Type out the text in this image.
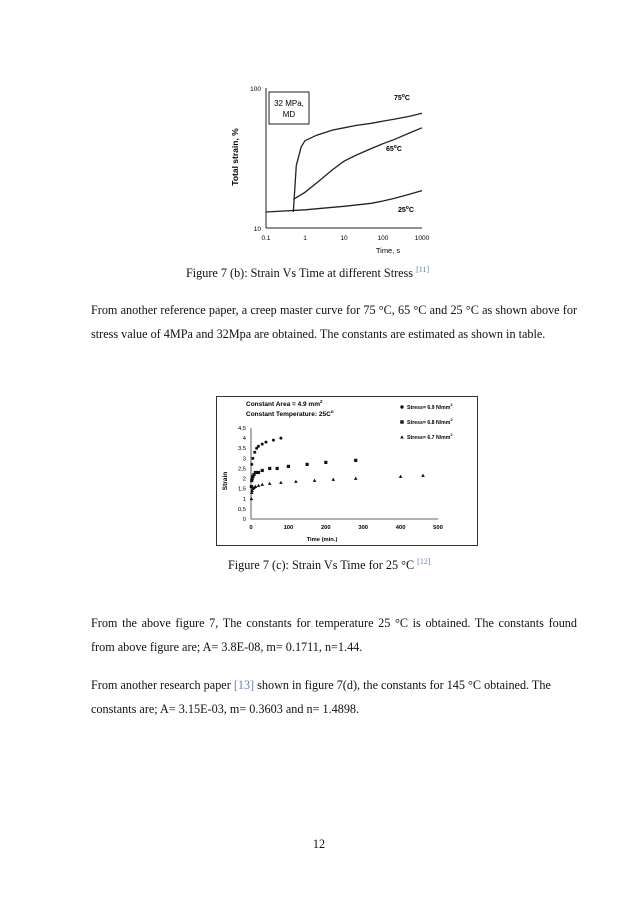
Total strain, %
100
10
0.1	1	10	100	1000
Time, s
32 MPa,
MD
75$^o$C
65$^o$C
25$^o$C
Figure 7 (b): Strain Vs Time at different Stress [11]
From another reference paper, a creep master curve for 75 °C, 65 °C and 25 °C as shown above for stress value of 4MPa and 32Mpa are obtained. The constants are estimated as shown in table.
Constant Area = 4.9 $mm^2$
Constant Temperature: $25C^o$
Stress= 6.9 $N/mm^2$
Stress= 6.8 $N/mm^2$
Stress= 6.7 $N/mm^2$
Strain
0
0,5
1
1,5
2
2,5
3
3,5
4
4,5
0	100	200	300	400	500
Time (min.)
Figure 7 (c): Strain Vs Time for 25 °C [12]
From the above figure 7, The constants for temperature 25 °C is obtained. The constants found from above figure are; A= 3.8E-08, m= 0.1711, n=1.44.
From another research paper [13] shown in figure 7(d), the constants for 145 °C obtained. The constants are; A= 3.15E-03, m= 0.3603 and n= 1.4898.
12
